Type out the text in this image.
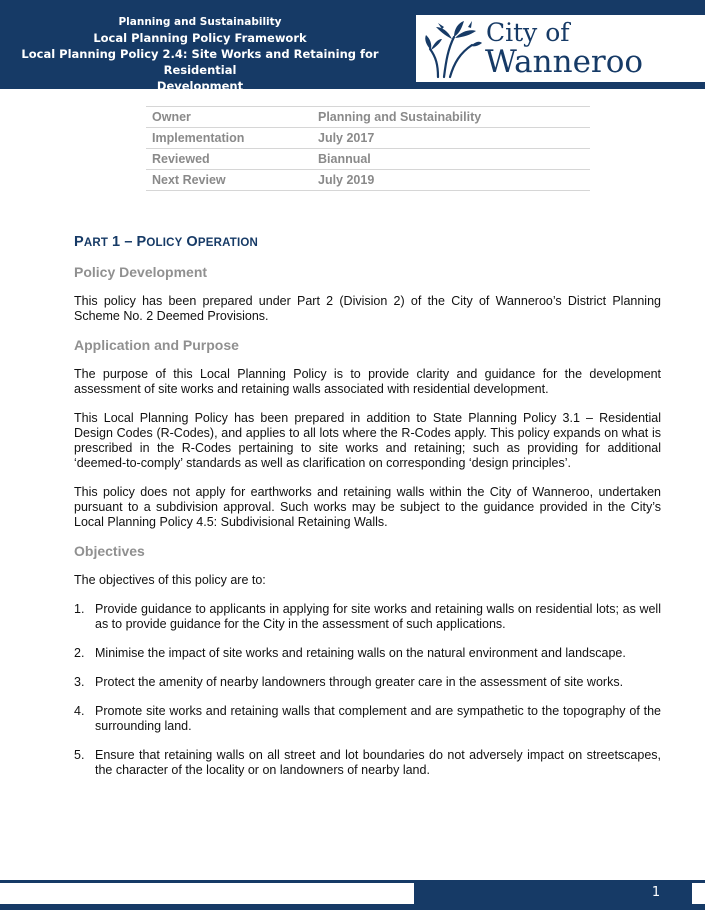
Planning and Sustainability
Local Planning Policy Framework
Local Planning Policy 2.4: Site Works and Retaining for Residential
Development
City of
Wanneroo
Owner	Planning and Sustainability
Implementation	July 2017
Reviewed	Biannual
Next Review	July 2019
PART 1 – POLICY OPERATION
Policy Development

This policy has been prepared under Part 2 (Division 2) of the City of Wanneroo’s District Planning Scheme No. 2 Deemed Provisions.

Application and Purpose

The purpose of this Local Planning Policy is to provide clarity and guidance for the development assessment of site works and retaining walls associated with residential development.

This Local Planning Policy has been prepared in addition to State Planning Policy 3.1 – Residential Design Codes (R-Codes), and applies to all lots where the R-Codes apply. This policy expands on what is prescribed in the R-Codes pertaining to site works and retaining; such as providing for additional ‘deemed-to-comply’ standards as well as clarification on corresponding ‘design principles’.

This policy does not apply for earthworks and retaining walls within the City of Wanneroo, undertaken pursuant to a subdivision approval. Such works may be subject to the guidance provided in the City’s Local Planning Policy 4.5: Subdivisional Retaining Walls.

Objectives

The objectives of this policy are to:

1. Provide guidance to applicants in applying for site works and retaining walls on residential lots; as well as to provide guidance for the City in the assessment of such applications.
2. Minimise the impact of site works and retaining walls on the natural environment and landscape.
3. Protect the amenity of nearby landowners through greater care in the assessment of site works.
4. Promote site works and retaining walls that complement and are sympathetic to the topography of the surrounding land.
5. Ensure that retaining walls on all street and lot boundaries do not adversely impact on streetscapes, the character of the locality or on landowners of nearby land.
1
